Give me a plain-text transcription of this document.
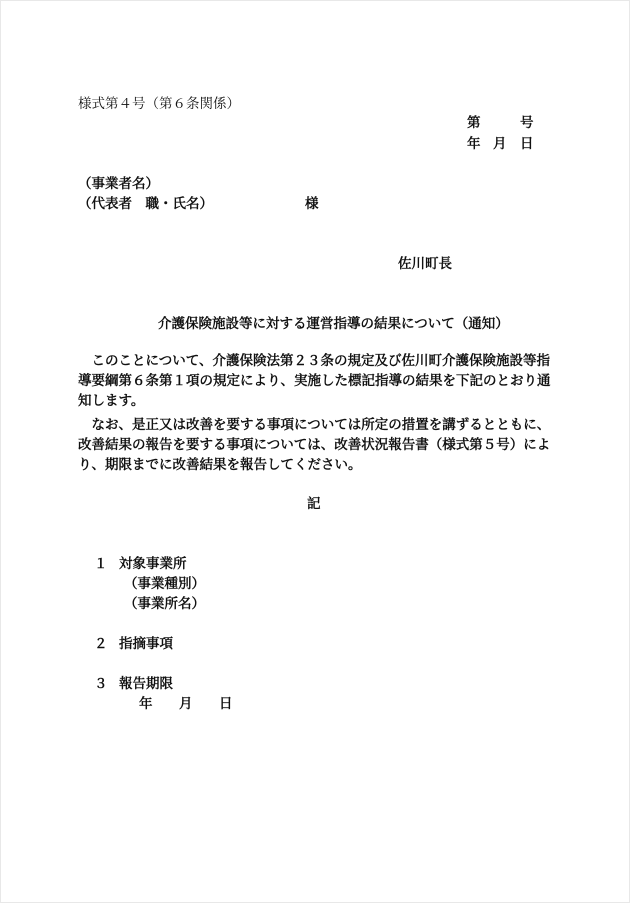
様式第４号（第６条関係）
第	号
年 月 日
（事業者名）
（代表者　職・氏名）	様
佐川町長
介護保険施設等に対する運営指導の結果について（通知）
　このことについて、介護保険法第２３条の規定及び佐川町介護保険施設等指
導要綱第６条第１項の規定により、実施した標記指導の結果を下記のとおり通
知します。
　なお、是正又は改善を要する事項については所定の措置を講ずるとともに、
改善結果の報告を要する事項については、改善状況報告書（様式第５号）によ
り、期限までに改善結果を報告してください。
記
１ 対象事業所
（事業種別）
（事業所名）
２ 指摘事項
３ 報告期限
年 月 日
